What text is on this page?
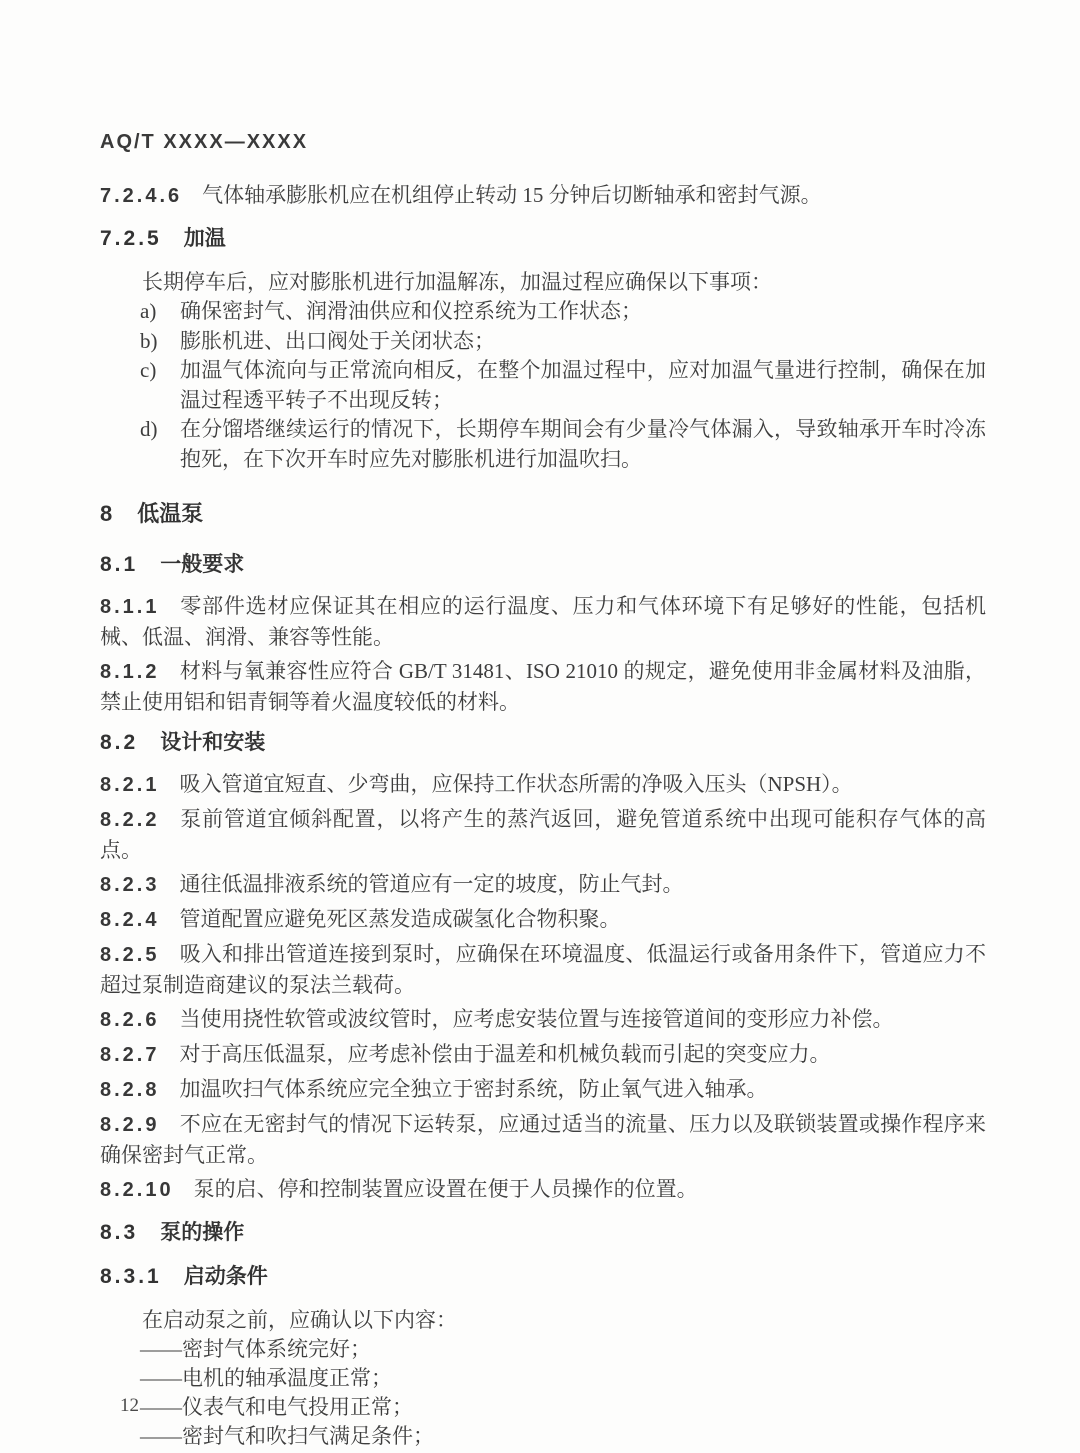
AQ/T XXXX—XXXX

7.2.4.6 气体轴承膨胀机应在机组停止转动 15 分钟后切断轴承和密封气源。

7.2.5 加温

长期停车后，应对膨胀机进行加温解冻，加温过程应确保以下事项：

a)	确保密封气、润滑油供应和仪控系统为工作状态；
b)	膨胀机进、出口阀处于关闭状态；
c)	加温气体流向与正常流向相反，在整个加温过程中，应对加温气量进行控制，确保在加温过程透平转子不出现反转；
d)	在分馏塔继续运行的情况下，长期停车期间会有少量冷气体漏入，导致轴承开车时冷冻抱死，在下次开车时应先对膨胀机进行加温吹扫。

8 低温泵

8.1 一般要求

8.1.1 零部件选材应保证其在相应的运行温度、压力和气体环境下有足够好的性能，包括机械、低温、润滑、兼容等性能。

8.1.2 材料与氧兼容性应符合 GB/T 31481、ISO 21010 的规定，避免使用非金属材料及油脂，禁止使用铝和铝青铜等着火温度较低的材料。

8.2 设计和安装

8.2.1 吸入管道宜短直、少弯曲，应保持工作状态所需的净吸入压头（NPSH）。

8.2.2 泵前管道宜倾斜配置，以将产生的蒸汽返回，避免管道系统中出现可能积存气体的高点。

8.2.3 通往低温排液系统的管道应有一定的坡度，防止气封。

8.2.4 管道配置应避免死区蒸发造成碳氢化合物积聚。

8.2.5 吸入和排出管道连接到泵时，应确保在环境温度、低温运行或备用条件下，管道应力不超过泵制造商建议的泵法兰载荷。

8.2.6 当使用挠性软管或波纹管时，应考虑安装位置与连接管道间的变形应力补偿。

8.2.7 对于高压低温泵，应考虑补偿由于温差和机械负载而引起的突变应力。

8.2.8 加温吹扫气体系统应完全独立于密封系统，防止氧气进入轴承。

8.2.9 不应在无密封气的情况下运转泵，应通过适当的流量、压力以及联锁装置或操作程序来确保密封气正常。

8.2.10 泵的启、停和控制装置应设置在便于人员操作的位置。

8.3 泵的操作

8.3.1 启动条件

在启动泵之前，应确认以下内容：

——密封气体系统完好；

——电机的轴承温度正常；

——仪表气和电气投用正常；

——密封气和吹扫气满足条件；

12
